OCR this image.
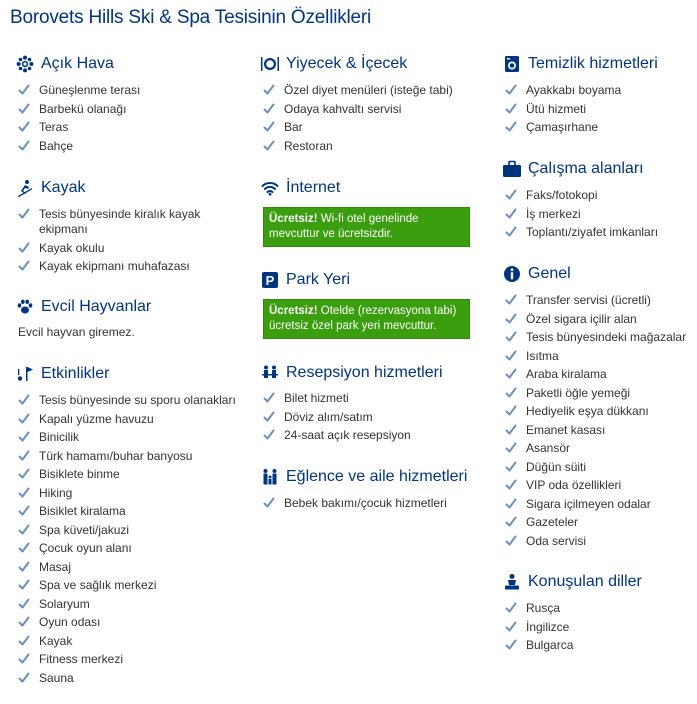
Borovets Hills Ski & Spa Tesisinin Özellikleri
Açık Hava
Güneşlenme terası
Barbekü olanağı
Teras
Bahçe
Kayak
Tesis bünyesinde kiralık kayak ekipmanı
Kayak okulu
Kayak ekipmanı muhafazası
Evcil Hayvanlar
Evcil hayvan giremez.
Etkinlikler
Tesis bünyesinde su sporu olanakları
Kapalı yüzme havuzu
Binicilik
Türk hamamı/buhar banyosu
Bisiklete binme
Hiking
Bisiklet kiralama
Spa küveti/jakuzi
Çocuk oyun alanı
Masaj
Spa ve sağlık merkezi
Solaryum
Oyun odası
Kayak
Fitness merkezi
Sauna
Yiyecek & İçecek
Özel diyet menüleri (isteğe tabi)
Odaya kahvaltı servisi
Bar
Restoran
İnternet
Ücretsiz! Wi-fi otel genelinde mevcuttur ve ücretsizdir.
P Park Yeri
Ücretsiz! Otelde (rezervasyona tabi) ücretsiz özel park yeri mevcuttur.
Resepsiyon hizmetleri
Bilet hizmeti
Döviz alım/satım
24-saat açık resepsiyon
Eğlence ve aile hizmetleri
Bebek bakımı/çocuk hizmetleri
Temizlik hizmetleri
Ayakkabı boyama
Ütü hizmeti
Çamaşırhane
Çalışma alanları
Faks/fotokopi
İş merkezi
Toplantı/ziyafet imkanları
Genel
Transfer servisi (ücretli)
Özel sigara içilir alan
Tesis bünyesindeki mağazalar
Isıtma
Araba kiralama
Paketli öğle yemeği
Hediyelik eşya dükkanı
Emanet kasası
Asansör
Düğün süiti
VIP oda özellikleri
Sigara içilmeyen odalar
Gazeteler
Oda servisi
Konuşulan diller
Rusça
İngilizce
Bulgarca
